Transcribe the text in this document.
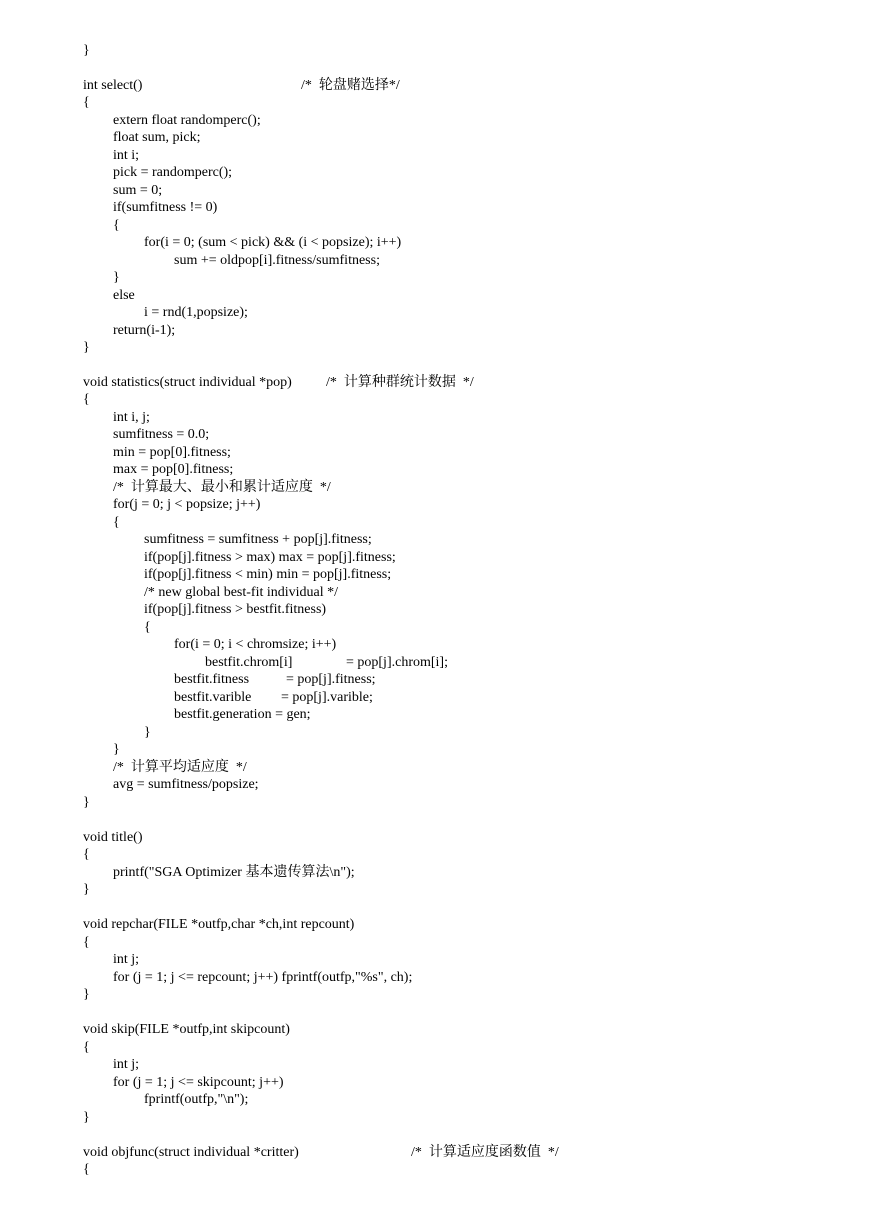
}
int select()	/*  轮盘赌选择*/
{
extern float randomperc();
float sum, pick;
int i;
pick = randomperc();
sum = 0;
if(sumfitness != 0)
{
for(i = 0; (sum < pick) && (i < popsize); i++)
sum += oldpop[i].fitness/sumfitness;
}
else
i = rnd(1,popsize);
return(i-1);
}
void statistics(struct individual *pop) /*  计算种群统计数据  */
{
int i, j;
sumfitness = 0.0;
min = pop[0].fitness;
max = pop[0].fitness;
/*  计算最大、最小和累计适应度  */
for(j = 0; j < popsize; j++)
{
sumfitness = sumfitness + pop[j].fitness;
if(pop[j].fitness > max) max = pop[j].fitness;
if(pop[j].fitness < min) min = pop[j].fitness;
/* new global best-fit individual */
if(pop[j].fitness > bestfit.fitness)
{
for(i = 0; i < chromsize; i++)
bestfit.chrom[i]	= pop[j].chrom[i];
bestfit.fitness	= pop[j].fitness;
bestfit.varible = pop[j].varible;
bestfit.generation = gen;
}
}
/*  计算平均适应度  */
avg = sumfitness/popsize;
}
void title()
{
printf("SGA Optimizer 基本遗传算法\n");
}
void repchar(FILE *outfp,char *ch,int repcount)
{
int j;
for (j = 1; j <= repcount; j++) fprintf(outfp,"%s", ch);
}
void skip(FILE *outfp,int skipcount)
{
int j;
for (j = 1; j <= skipcount; j++)
fprintf(outfp,"\n");
}
void objfunc(struct individual *critter)	/*  计算适应度函数值  */
{
